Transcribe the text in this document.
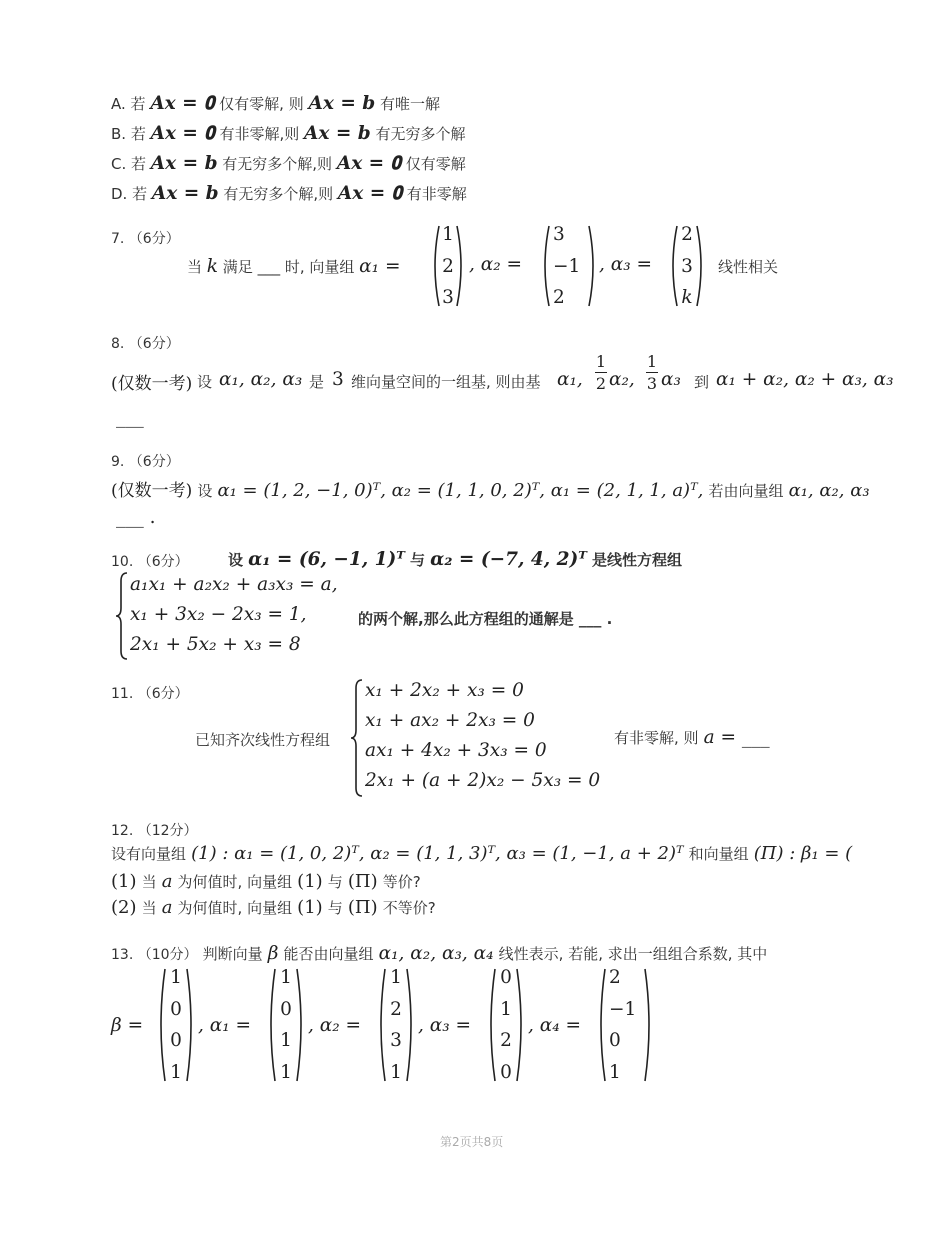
A. 若 𝑨𝒙 = 𝟎 仅有零解, 则 𝑨𝒙 = 𝒃 有唯一解
B. 若 𝑨𝒙 = 𝟎 有非零解,则 𝑨𝒙 = 𝒃 有无穷多个解
C. 若 𝑨𝒙 = 𝒃 有无穷多个解,则 𝑨𝒙 = 𝟎 仅有零解
D. 若 𝑨𝒙 = 𝒃 有无穷多个解,则 𝑨𝒙 = 𝟎 有非零解
7. （6分）
当 k 满足 ___ 时, 向量组 α₁ =
1
2
3
, α₂ =
3
−1
2
, α₃ =
2
3
k
线性相关
8. （6分）
(仅数一考) 设 α₁, α₂, α₃ 是 3 维向量空间的一组基, 则由基 α₁,
1
2 α₂,
1
3 α₃ 到 α₁ + α₂, α₂ + α₃, α₃
___
9. （6分）
(仅数一考) 设 α₁ = (1, 2, −1, 0)ᵀ, α₂ = (1, 1, 0, 2)ᵀ, α₁ = (2, 1, 1, a)ᵀ, 若由向量组 α₁, α₂, α₃
___ .
10. （6分）	设 α₁ = (6, −1, 1)ᵀ 与 α₂ = (−7, 4, 2)ᵀ 是线性方程组
a₁x₁ + a₂x₂ + a₃x₃ = a,
x₁ + 3x₂ − 2x₃ = 1,
2x₁ + 5x₂ + x₃ = 8
的两个解,那么此方程组的通解是 ___ .
11. （6分）
已知齐次线性方程组
x₁ + 2x₂ + x₃ = 0
x₁ + ax₂ + 2x₃ = 0
ax₁ + 4x₂ + 3x₃ = 0
2x₁ + (a + 2)x₂ − 5x₃ = 0
有非零解, 则 a = ___
12. （12分）
设有向量组 (1) : α₁ = (1, 0, 2)ᵀ, α₂ = (1, 1, 3)ᵀ, α₃ = (1, −1, a + 2)ᵀ 和向量组 (Π) : β₁ = (
(1) 当 a 为何值时, 向量组 (1) 与 (Π) 等价?
(2) 当 a 为何值时, 向量组 (1) 与 (Π) 不等价?
13. （10分） 判断向量 β 能否由向量组 α₁, α₂, α₃, α₄ 线性表示, 若能, 求出一组组合系数, 其中
β =
1
0
0
1
, α₁ =
1
0
1
1
, α₂ =
1
2
3
1
, α₃ =
0
1
2
0
, α₄ =
2
−1
0
1
第2页共8页
